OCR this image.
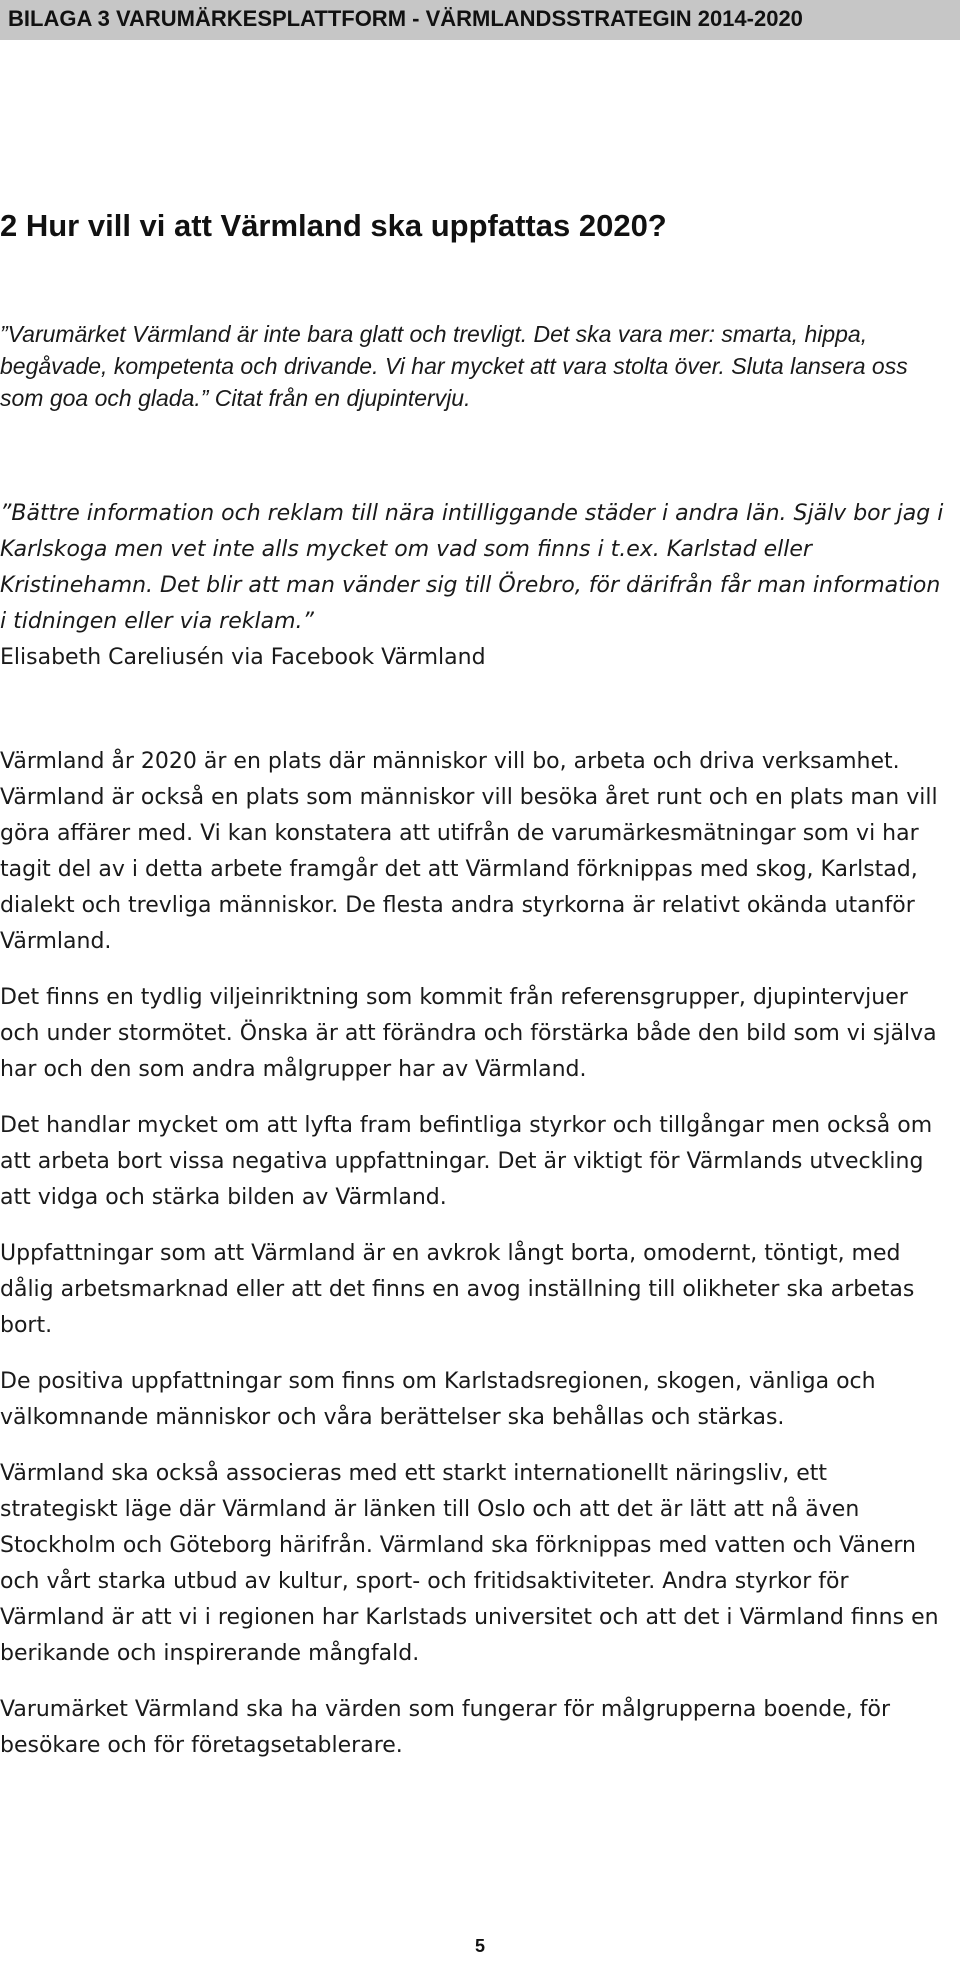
BILAGA 3 VARUMÄRKESPLATTFORM - VÄRMLANDSSTRATEGIN 2014-2020
2 Hur vill vi att Värmland ska uppfattas 2020?
”Varumärket Värmland är inte bara glatt och trevligt. Det ska vara mer: smarta, hippa, begåvade, kompetenta och drivande. Vi har mycket att vara stolta över. Sluta lansera oss som goa och glada.” Citat från en djupintervju.
”Bättre information och reklam till nära intilliggande städer i andra län. Själv bor jag i Karlskoga men vet inte alls mycket om vad som finns i t.ex. Karlstad eller Kristinehamn. Det blir att man vänder sig till Örebro, för därifrån får man information i tidningen eller via reklam.”
Elisabeth Careliusén via Facebook Värmland

Värmland år 2020 är en plats där människor vill bo, arbeta och driva verksamhet. Värmland är också en plats som människor vill besöka året runt och en plats man vill göra affärer med. Vi kan konstatera att utifrån de varumärkesmätningar som vi har tagit del av i detta arbete framgår det att Värmland förknippas med skog, Karlstad, dialekt och trevliga människor. De flesta andra styrkorna är relativt okända utanför Värmland.

Det finns en tydlig viljeinriktning som kommit från referensgrupper, djupintervjuer och under stormötet. Önska är att förändra och förstärka både den bild som vi själva har och den som andra målgrupper har av Värmland.

Det handlar mycket om att lyfta fram befintliga styrkor och tillgångar men också om att arbeta bort vissa negativa uppfattningar. Det är viktigt för Värmlands utveckling att vidga och stärka bilden av Värmland.

Uppfattningar som att Värmland är en avkrok långt borta, omodernt, töntigt, med dålig arbetsmarknad eller att det finns en avog inställning till olikheter ska arbetas bort.

De positiva uppfattningar som finns om Karlstadsregionen, skogen, vänliga och välkomnande människor och våra berättelser ska behållas och stärkas.

Värmland ska också associeras med ett starkt internationellt näringsliv, ett strategiskt läge där Värmland är länken till Oslo och att det är lätt att nå även Stockholm och Göteborg härifrån. Värmland ska förknippas med vatten och Vänern och vårt starka utbud av kultur, sport- och fritidsaktiviteter. Andra styrkor för Värmland är att vi i regionen har Karlstads universitet och att det i Värmland finns en berikande och inspirerande mångfald.

Varumärket Värmland ska ha värden som fungerar för målgrupperna boende, för besökare och för företagsetablerare.

5
